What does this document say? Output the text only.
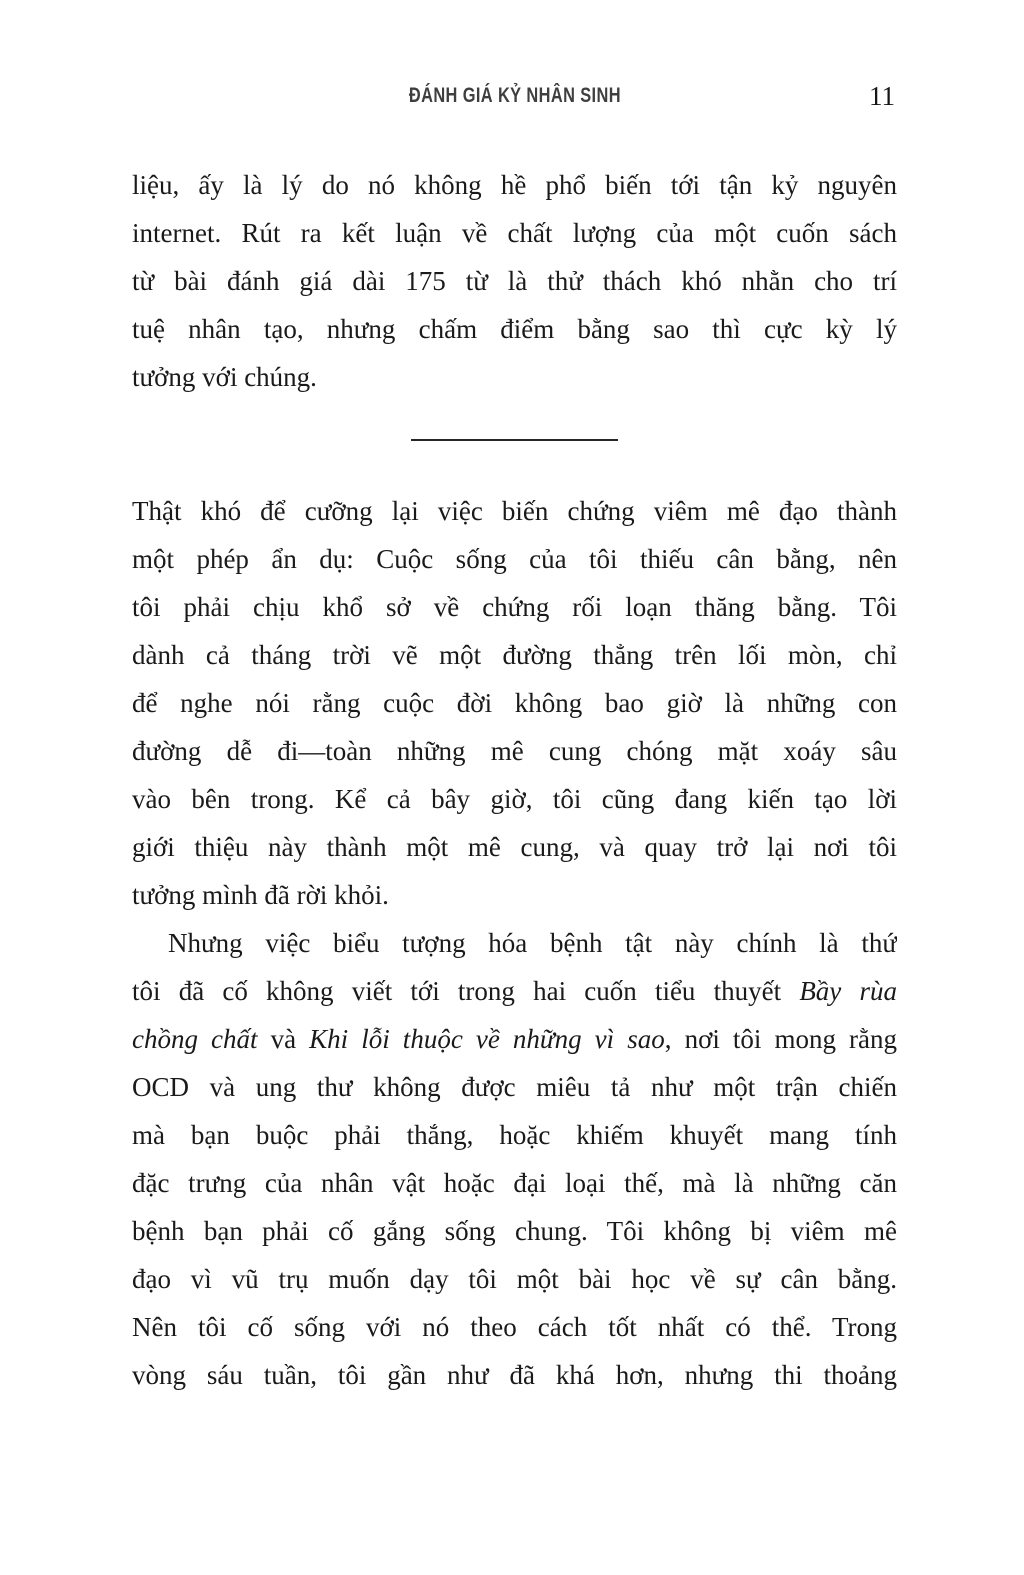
ĐÁNH GIÁ KỶ NHÂN SINH	11
liệu, ấy là lý do nó không hề phổ biến tới tận kỷ nguyên
internet. Rút ra kết luận về chất lượng của một cuốn sách
từ bài đánh giá dài 175 từ là thử thách khó nhằn cho trí
tuệ nhân tạo, nhưng chấm điểm bằng sao thì cực kỳ lý
tưởng với chúng.
Thật khó để cưỡng lại việc biến chứng viêm mê đạo thành
một phép ẩn dụ: Cuộc sống của tôi thiếu cân bằng, nên
tôi phải chịu khổ sở về chứng rối loạn thăng bằng. Tôi
dành cả tháng trời vẽ một đường thẳng trên lối mòn, chỉ
để nghe nói rằng cuộc đời không bao giờ là những con
đường dễ đi—toàn những mê cung chóng mặt xoáy sâu
vào bên trong. Kể cả bây giờ, tôi cũng đang kiến tạo lời
giới thiệu này thành một mê cung, và quay trở lại nơi tôi
tưởng mình đã rời khỏi.
Nhưng việc biểu tượng hóa bệnh tật này chính là thứ
tôi đã cố không viết tới trong hai cuốn tiểu thuyết Bầy rùa
chồng chất và Khi lỗi thuộc về những vì sao, nơi tôi mong rằng
OCD và ung thư không được miêu tả như một trận chiến
mà bạn buộc phải thắng, hoặc khiếm khuyết mang tính
đặc trưng của nhân vật hoặc đại loại thế, mà là những căn
bệnh bạn phải cố gắng sống chung. Tôi không bị viêm mê
đạo vì vũ trụ muốn dạy tôi một bài học về sự cân bằng.
Nên tôi cố sống với nó theo cách tốt nhất có thể. Trong
vòng sáu tuần, tôi gần như đã khá hơn, nhưng thi thoảng
